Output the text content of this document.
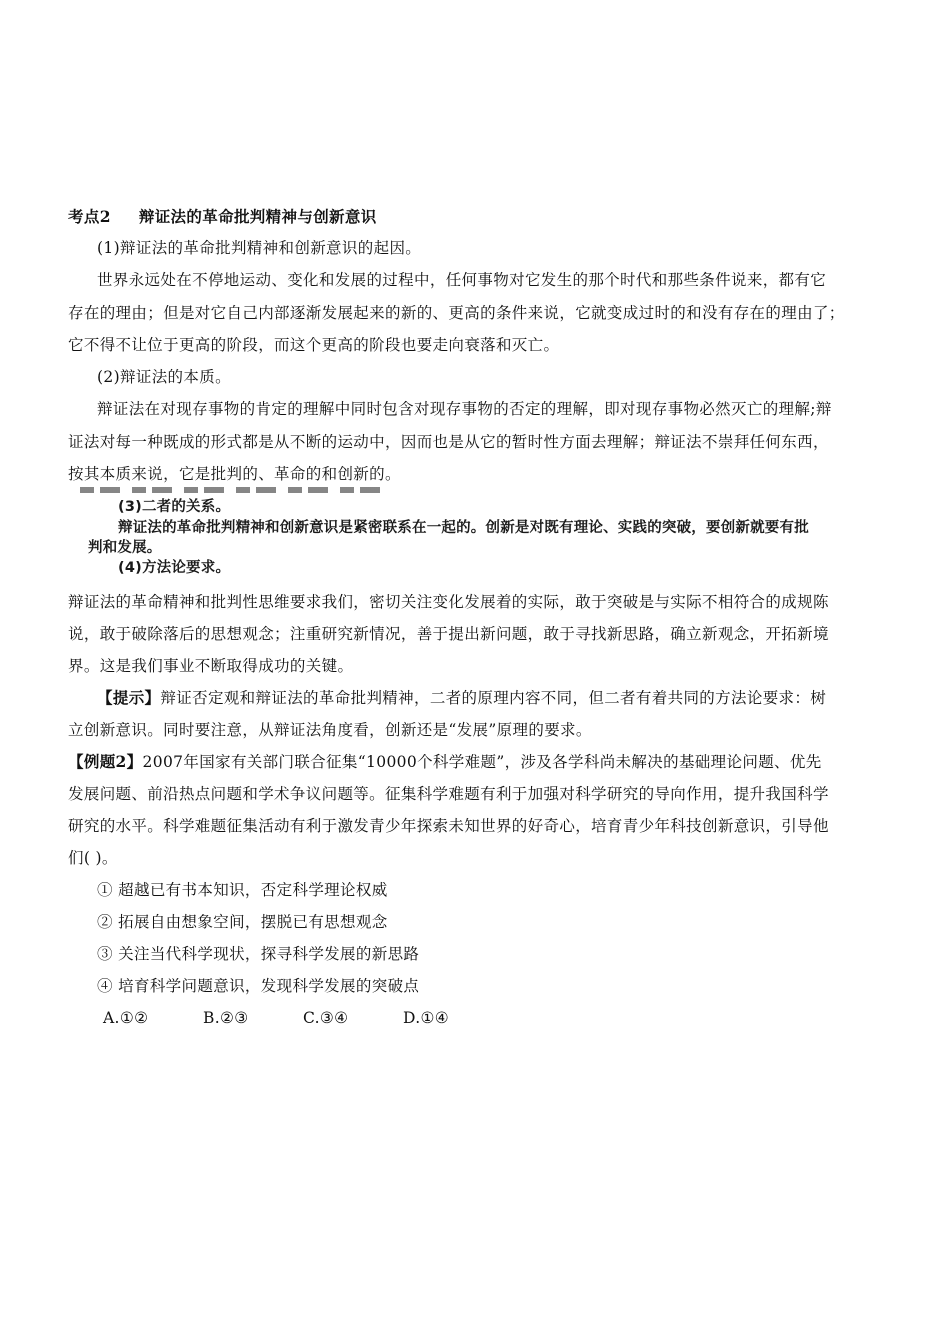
考点2 辩证法的革命批判精神与创新意识
(1)辩证法的革命批判精神和创新意识的起因。
世界永远处在不停地运动、变化和发展的过程中，任何事物对它发生的那个时代和那些条件说来，都有它
存在的理由；但是对它自己内部逐渐发展起来的新的、更高的条件来说，它就变成过时的和没有存在的理由了；
它不得不让位于更高的阶段，而这个更高的阶段也要走向衰落和灭亡。
(2)辩证法的本质。
辩证法在对现存事物的肯定的理解中同时包含对现存事物的否定的理解，即对现存事物必然灭亡的理解;辩
证法对每一种既成的形式都是从不断的运动中，因而也是从它的暂时性方面去理解；辩证法不崇拜任何东西，
按其本质来说，它是批判的、革命的和创新的。
(3)二者的关系。
辩证法的革命批判精神和创新意识是紧密联系在一起的。创新是对既有理论、实践的突破，要创新就要有批
判和发展。
(4)方法论要求。
辩证法的革命精神和批判性思维要求我们，密切关注变化发展着的实际，敢于突破是与实际不相符合的成规陈
说，敢于破除落后的思想观念；注重研究新情况，善于提出新问题，敢于寻找新思路，确立新观念，开拓新境
界。这是我们事业不断取得成功的关键。
【提示】辩证否定观和辩证法的革命批判精神，二者的原理内容不同，但二者有着共同的方法论要求：树
立创新意识。同时要注意，从辩证法角度看，创新还是“发展”原理的要求。
【例题2】2007年国家有关部门联合征集“10000个科学难题”，涉及各学科尚未解决的基础理论问题、优先
发展问题、前沿热点问题和学术争议问题等。征集科学难题有利于加强对科学研究的导向作用，提升我国科学
研究的水平。科学难题征集活动有利于激发青少年探索未知世界的好奇心，培育青少年科技创新意识，引导他
们( )。
① 超越已有书本知识，否定科学理论权威
② 拓展自由想象空间，摆脱已有思想观念
③ 关注当代科学现状，探寻科学发展的新思路
④ 培育科学问题意识，发现科学发展的突破点
A.①②	B.②③	C.③④	D.①④
